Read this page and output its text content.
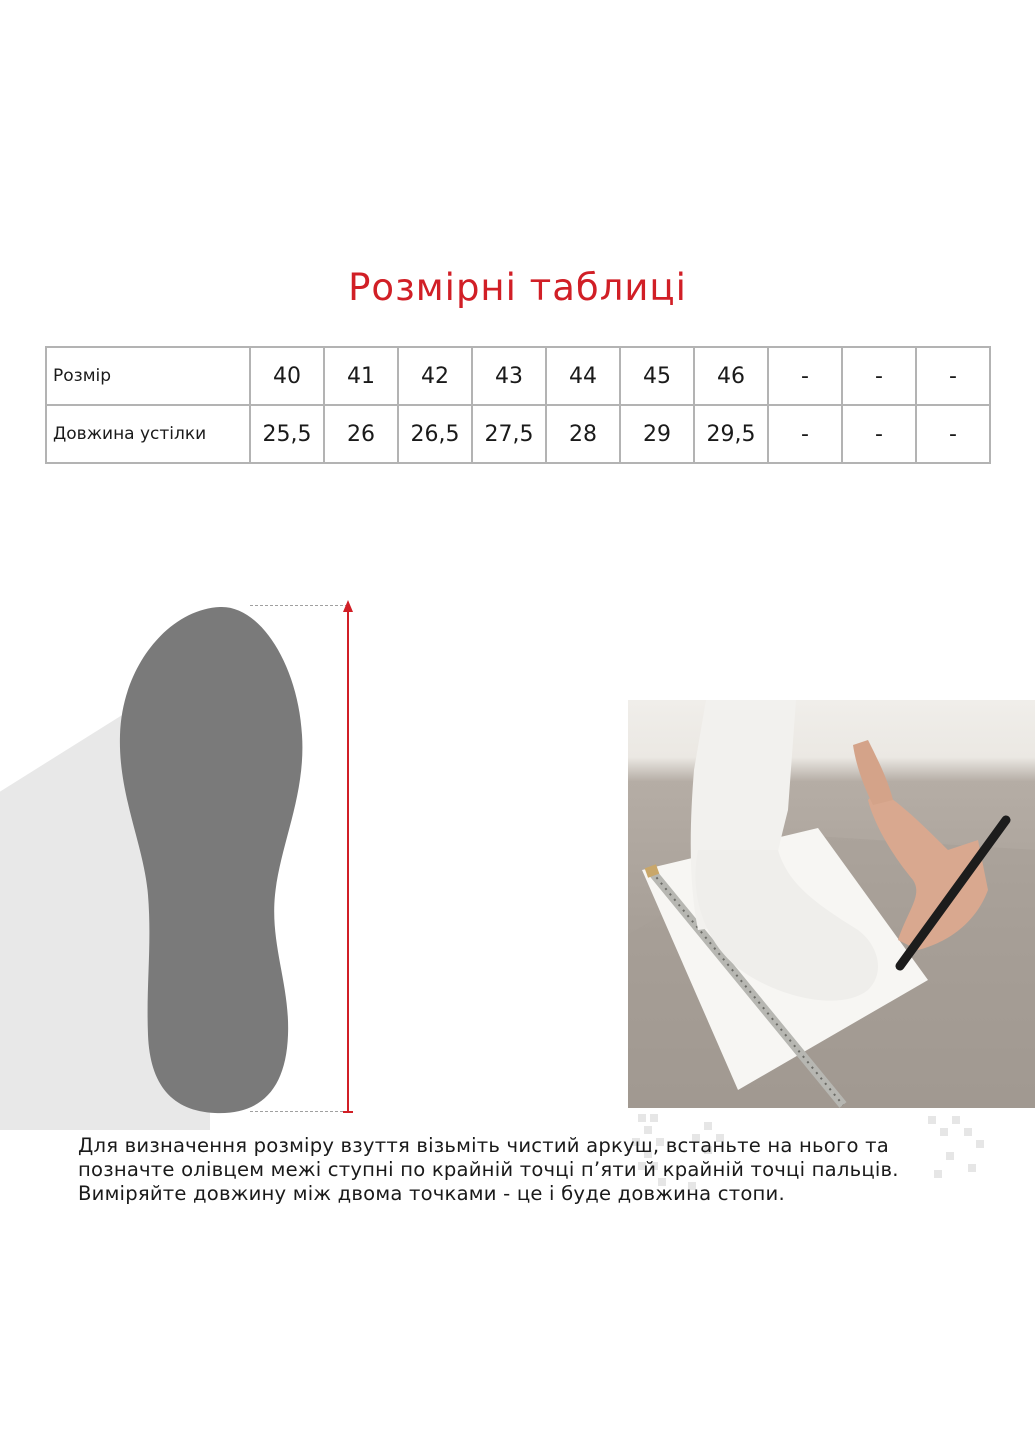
Розмірні таблиці
Розмір	40	41	42	43	44	45	46	-	-	-
Довжина устілки	25,5	26	26,5	27,5	28	29	29,5	-	-	-

Для визначення розміру взуття візьміть чистий аркуш, встаньте на нього та

позначте олівцем межі ступні по крайній точці п’яти й крайній точці пальців.

Виміряйте довжину між двома точками - це і буде довжина стопи.
